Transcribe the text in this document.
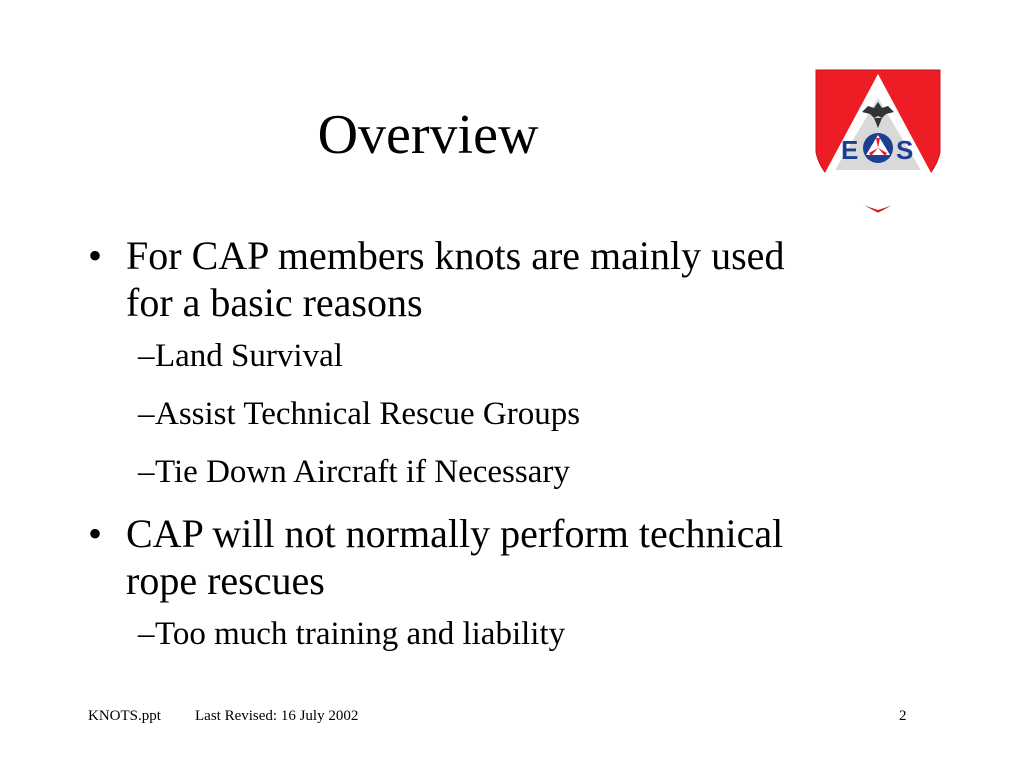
Overview	E S
• For CAP members knots are mainly used
for a basic reasons
– Land Survival
– Assist Technical Rescue Groups
– Tie Down Aircraft if Necessary
• CAP will not normally perform technical
rope rescues
– Too much training and liability
KNOTS.ppt Last Revised: 16 July 2002	2
